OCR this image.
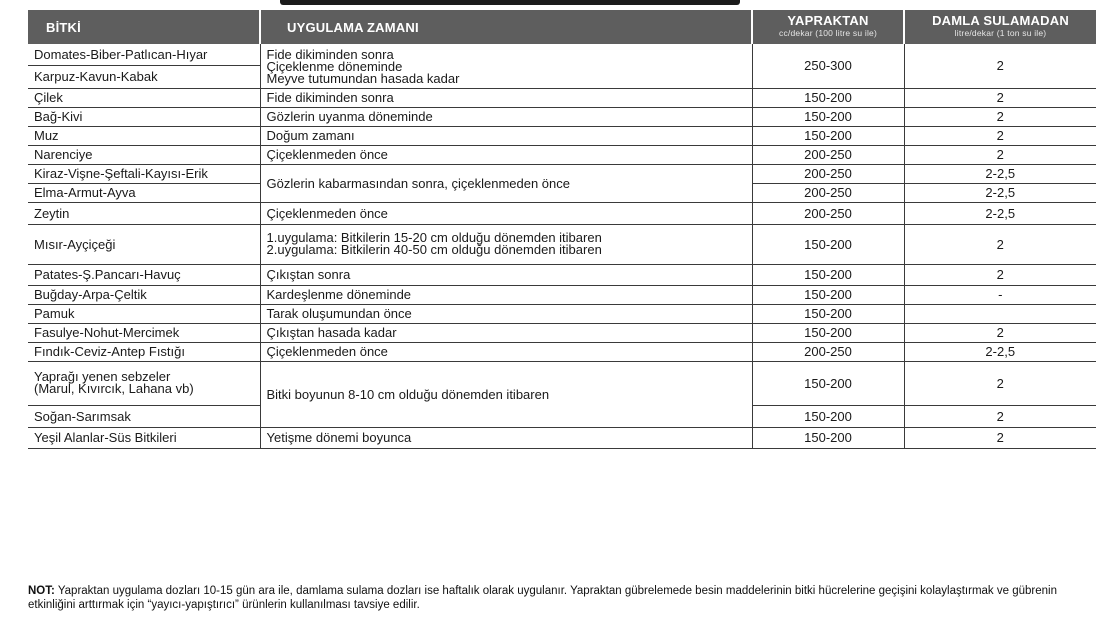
BİTKİ	UYGULAMA ZAMANI	YAPRAKTAN
cc/dekar (100 litre su ile)	DAMLA SULAMADAN
litre/dekar (1 ton su ile)

Domates-Biber-Patlıcan-Hıyar	Fide dikiminden sonra
Çiçeklenme döneminde
Meyve tutumundan hasada kadar	250-300	2
Karpuz-Kavun-Kabak			
Çilek	Fide dikiminden sonra	150-200	2
Bağ-Kivi	Gözlerin uyanma döneminde	150-200	2
Muz	Doğum zamanı	150-200	2
Narenciye	Çiçeklenmeden önce	200-250	2
Kiraz-Vişne-Şeftali-Kayısı-Erik	Gözlerin kabarmasından sonra, çiçeklenmeden önce	200-250	2-2,5
Elma-Armut-Ayva		200-250	2-2,5
Zeytin	Çiçeklenmeden önce	200-250	2-2,5
Mısır-Ayçiçeği	1.uygulama: Bitkilerin 15-20 cm olduğu dönemden itibaren
2.uygulama: Bitkilerin 40-50 cm olduğu dönemden itibaren	150-200	2
Patates-Ş.Pancarı-Havuç	Çıkıştan sonra	150-200	2
Buğday-Arpa-Çeltik	Kardeşlenme döneminde	150-200	-
Pamuk	Tarak oluşumundan önce	150-200	
Fasulye-Nohut-Mercimek	Çıkıştan hasada kadar	150-200	2
Fındık-Ceviz-Antep Fıstığı	Çiçeklenmeden önce	200-250	2-2,5

Yaprağı yenen sebzeler
(Marul, Kıvırcık, Lahana vb)	Bitki boyunun 8-10 cm olduğu dönemden itibaren	150-200	2
Soğan-Sarımsak		150-200	2
Yeşil Alanlar-Süs Bitkileri	Yetişme dönemi boyunca	150-200	2
NOT: Yapraktan uygulama dozları 10-15 gün ara ile, damlama sulama dozları ise haftalık olarak uygulanır. Yapraktan gübrelemede besin maddelerinin bitki hücrelerine geçişini kolaylaştırmak ve gübrenin etkinliğini arttırmak için “yayıcı-yapıştırıcı” ürünlerin kullanılması tavsiye edilir.
